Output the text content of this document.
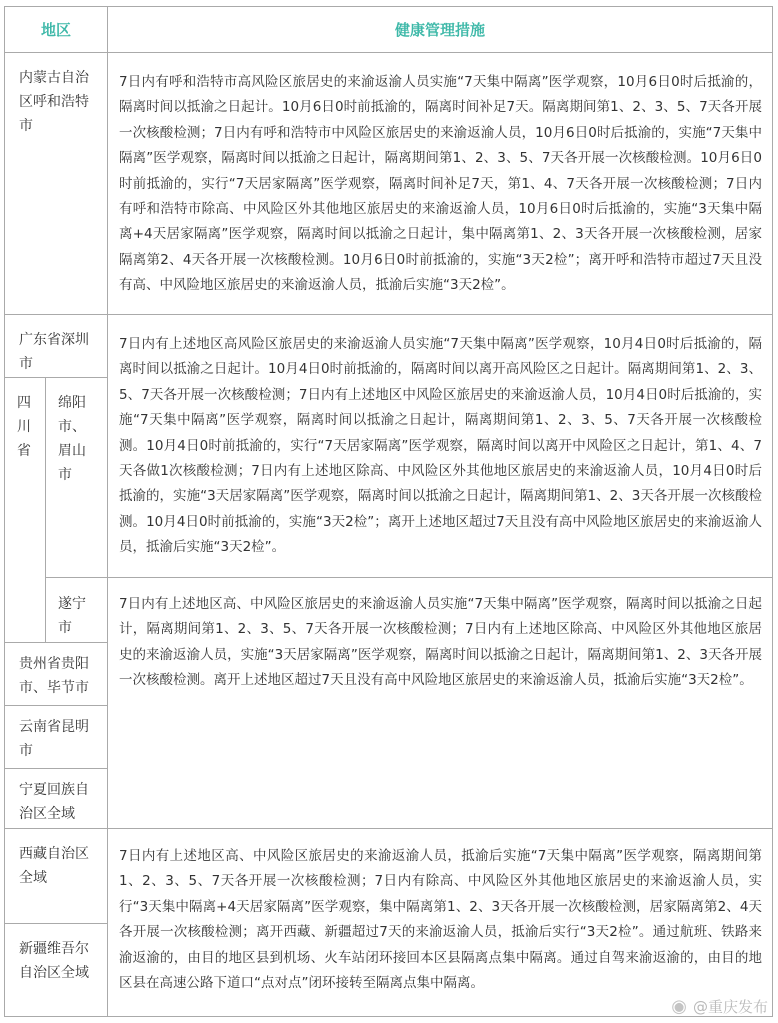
地区	健康管理措施
内蒙古自治区呼和浩特市
7日内有呼和浩特市高风险区旅居史的来渝返渝人员实施“7天集中隔离”医学观察，10月6日0时后抵渝的，隔离时间以抵渝之日起计。10月6日0时前抵渝的，隔离时间补足7天。隔离期间第1、2、3、5、7天各开展一次核酸检测；7日内有呼和浩特市中风险区旅居史的来渝返渝人员，10月6日0时后抵渝的，实施“7天集中隔离”医学观察，隔离时间以抵渝之日起计，隔离期间第1、2、3、5、7天各开展一次核酸检测。10月6日0时前抵渝的，实行“7天居家隔离”医学观察，隔离时间补足7天，第1、4、7天各开展一次核酸检测；7日内有呼和浩特市除高、中风险区外其他地区旅居史的来渝返渝人员，10月6日0时后抵渝的，实施“3天集中隔离+4天居家隔离”医学观察，隔离时间以抵渝之日起计，集中隔离第1、2、3天各开展一次核酸检测，居家隔离第2、4天各开展一次核酸检测。10月6日0时前抵渝的，实施“3天2检”；离开呼和浩特市超过7天且没有高、中风险地区旅居史的来渝返渝人员，抵渝后实施“3天2检”。
广东省深圳市
四川省
绵阳市、眉山市
7日内有上述地区高风险区旅居史的来渝返渝人员实施“7天集中隔离”医学观察，10月4日0时后抵渝的，隔离时间以抵渝之日起计。10月4日0时前抵渝的，隔离时间以离开高风险区之日起计。隔离期间第1、2、3、5、7天各开展一次核酸检测；7日内有上述地区中风险区旅居史的来渝返渝人员，10月4日0时后抵渝的，实施“7天集中隔离”医学观察，隔离时间以抵渝之日起计，隔离期间第1、2、3、5、7天各开展一次核酸检测。10月4日0时前抵渝的，实行“7天居家隔离”医学观察，隔离时间以离开中风险区之日起计，第1、4、7天各做1次核酸检测；7日内有上述地区除高、中风险区外其他地区旅居史的来渝返渝人员，10月4日0时后抵渝的，实施“3天居家隔离”医学观察，隔离时间以抵渝之日起计，隔离期间第1、2、3天各开展一次核酸检测。10月4日0时前抵渝的，实施“3天2检”；离开上述地区超过7天且没有高中风险地区旅居史的来渝返渝人员，抵渝后实施“3天2检”。
遂宁市
贵州省贵阳市、毕节市
云南省昆明市
宁夏回族自治区全域
7日内有上述地区高、中风险区旅居史的来渝返渝人员实施“7天集中隔离”医学观察，隔离时间以抵渝之日起计，隔离期间第1、2、3、5、7天各开展一次核酸检测；7日内有上述地区除高、中风险区外其他地区旅居史的来渝返渝人员，实施“3天居家隔离”医学观察，隔离时间以抵渝之日起计，隔离期间第1、2、3天各开展一次核酸检测。离开上述地区超过7天且没有高中风险地区旅居史的来渝返渝人员，抵渝后实施“3天2检”。
西藏自治区全域
新疆维吾尔自治区全域
7日内有上述地区高、中风险区旅居史的来渝返渝人员，抵渝后实施“7天集中隔离”医学观察，隔离期间第1、2、3、5、7天各开展一次核酸检测；7日内有除高、中风险区外其他地区旅居史的来渝返渝人员，实行“3天集中隔离+4天居家隔离”医学观察，集中隔离第1、2、3天各开展一次核酸检测，居家隔离第2、4天各开展一次核酸检测；离开西藏、新疆超过7天的来渝返渝人员，抵渝后实行“3天2检”。通过航班、铁路来渝返渝的，由目的地区县到机场、火车站闭环接回本区县隔离点集中隔离。通过自驾来渝返渝的，由目的地区县在高速公路下道口“点对点”闭环接转至隔离点集中隔离。
◉ @重庆发布
